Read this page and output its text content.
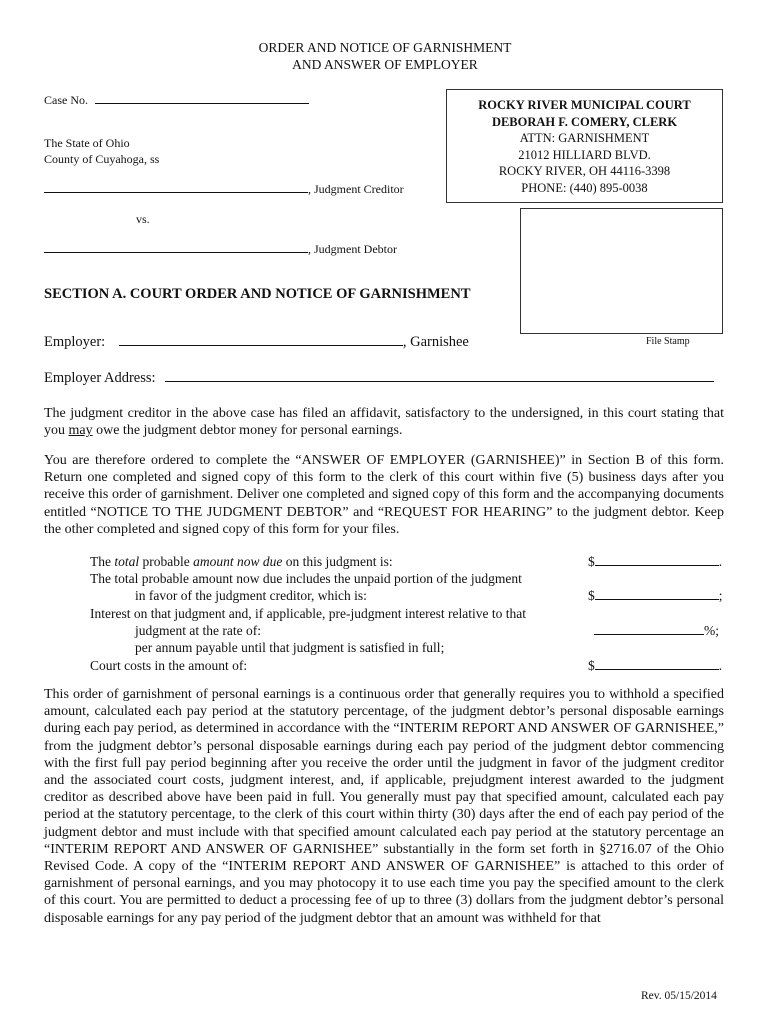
ORDER AND NOTICE OF GARNISHMENT
AND ANSWER OF EMPLOYER
Case No.
The State of Ohio
County of Cuyahoga, ss
, Judgment Creditor
vs.
, Judgment Debtor
ROCKY RIVER MUNICIPAL COURT
DEBORAH F. COMERY, CLERK
ATTN: GARNISHMENT
21012 HILLIARD BLVD.
ROCKY RIVER, OH 44116-3398
PHONE: (440) 895-0038
File Stamp
SECTION A. COURT ORDER AND NOTICE OF GARNISHMENT
Employer:	, Garnishee
Employer Address:
The judgment creditor in the above case has filed an affidavit, satisfactory to the undersigned, in this court stating that you may owe the judgment debtor money for personal earnings.
You are therefore ordered to complete the “ANSWER OF EMPLOYER (GARNISHEE)” in Section B of this form. Return one completed and signed copy of this form to the clerk of this court within five (5) business days after you receive this order of garnishment. Deliver one completed and signed copy of this form and the accompanying documents entitled “NOTICE TO THE JUDGMENT DEBTOR” and “REQUEST FOR HEARING” to the judgment debtor. Keep the other completed and signed copy of this form for your files.
The total probable amount now due on this judgment is:	$	.
The total probable amount now due includes the unpaid portion of the judgment
in favor of the judgment creditor, which is:	$	;
Interest on that judgment and, if applicable, pre-judgment interest relative to that
judgment at the rate of:	%;
per annum payable until that judgment is satisfied in full;
Court costs in the amount of:	$	.
This order of garnishment of personal earnings is a continuous order that generally requires you to withhold a specified amount, calculated each pay period at the statutory percentage, of the judgment debtor’s personal disposable earnings during each pay period, as determined in accordance with the “INTERIM REPORT AND ANSWER OF GARNISHEE,” from the judgment debtor’s personal disposable earnings during each pay period of the judgment debtor commencing with the first full pay period beginning after you receive the order until the judgment in favor of the judgment creditor and the associated court costs, judgment interest, and, if applicable, prejudgment interest awarded to the judgment creditor as described above have been paid in full. You generally must pay that specified amount, calculated each pay period at the statutory percentage, to the clerk of this court within thirty (30) days after the end of each pay period of the judgment debtor and must include with that specified amount calculated each pay period at the statutory percentage an “INTERIM REPORT AND ANSWER OF GARNISHEE” substantially in the form set forth in §2716.07 of the Ohio Revised Code. A copy of the “INTERIM REPORT AND ANSWER OF GARNISHEE” is attached to this order of garnishment of personal earnings, and you may photocopy it to use each time you pay the specified amount to the clerk of this court. You are permitted to deduct a processing fee of up to three (3) dollars from the judgment debtor’s personal disposable earnings for any pay period of the judgment debtor that an amount was withheld for that
Rev. 05/15/2014
